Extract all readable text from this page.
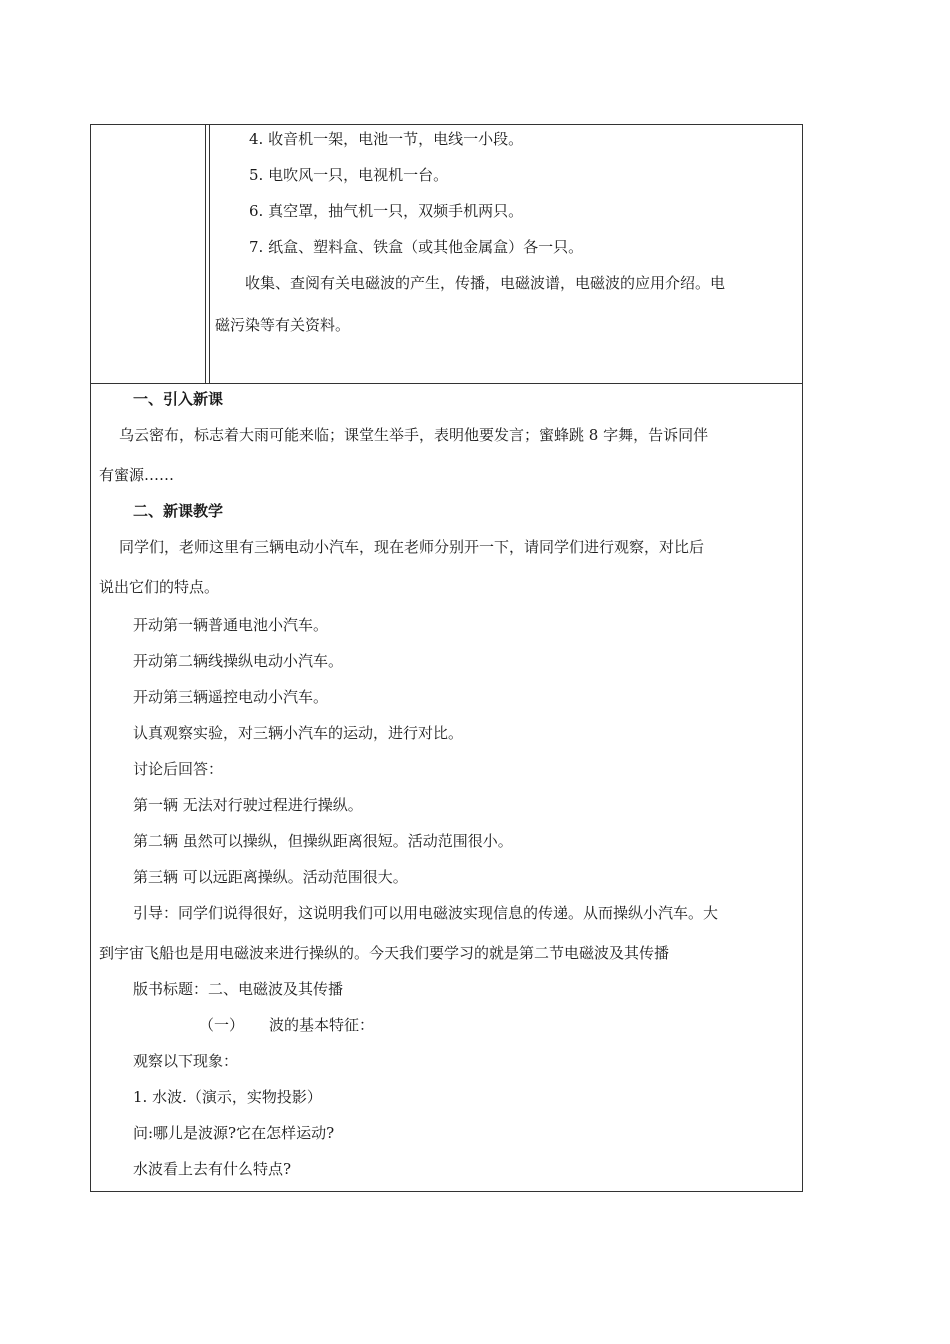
4. 收音机一架，电池一节，电线一小段。
5. 电吹风一只，电视机一台。
6. 真空罩，抽气机一只，双频手机两只。
7. 纸盒、塑料盒、铁盒（或其他金属盒）各一只。
收集、查阅有关电磁波的产生，传播，电磁波谱，电磁波的应用介绍。电
磁污染等有关资料。
一、引入新课
乌云密布，标志着大雨可能来临；课堂生举手，表明他要发言；蜜蜂跳 8 字舞，告诉同伴
有蜜源……
二、新课教学
同学们，老师这里有三辆电动小汽车，现在老师分别开一下，请同学们进行观察，对比后
说出它们的特点。
开动第一辆普通电池小汽车。
开动第二辆线操纵电动小汽车。
开动第三辆遥控电动小汽车。
认真观察实验，对三辆小汽车的运动，进行对比。
讨论后回答：
第一辆 无法对行驶过程进行操纵。
第二辆 虽然可以操纵，但操纵距离很短。活动范围很小。
第三辆 可以远距离操纵。活动范围很大。
引导：同学们说得很好，这说明我们可以用电磁波实现信息的传递。从而操纵小汽车。大
到宇宙飞船也是用电磁波来进行操纵的。今天我们要学习的就是第二节电磁波及其传播
版书标题：二、电磁波及其传播
（一） 波的基本特征：
观察以下现象：
1. 水波.（演示，实物投影）
问:哪儿是波源?它在怎样运动?
水波看上去有什么特点?
